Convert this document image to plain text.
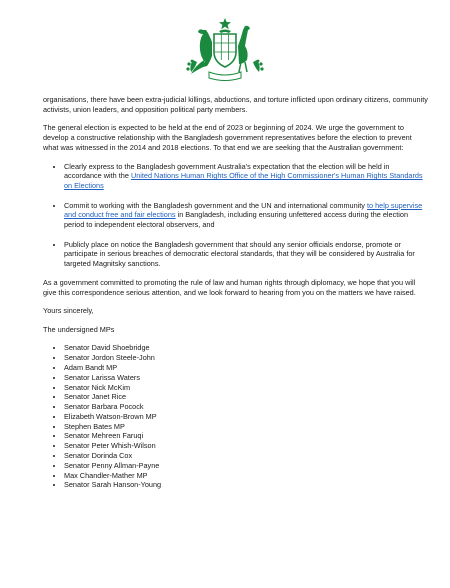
organisations, there have been extra-judicial killings, abductions, and torture inflicted upon ordinary citizens, community activists, union leaders, and opposition political party members.

The general election is expected to be held at the end of 2023 or beginning of 2024. We urge the government to develop a constructive relationship with the Bangladesh government representatives before the election to prevent what was witnessed in the 2014 and 2018 elections. To that end we are seeking that the Australian government:

• Clearly express to the Bangladesh government Australia's expectation that the election will be held in accordance with the United Nations Human Rights Office of the High Commissioner's Human Rights Standards on Elections
• Commit to working with the Bangladesh government and the UN and international community to help supervise and conduct free and fair elections in Bangladesh, including ensuring unfettered access during the election period to independent electoral observers, and
• Publicly place on notice the Bangladesh government that should any senior officials endorse, promote or participate in serious breaches of democratic electoral standards, that they will be considered by Australia for targeted Magnitsky sanctions.

As a government committed to promoting the rule of law and human rights through diplomacy, we hope that you will give this correspondence serious attention, and we look forward to hearing from you on the matters we have raised.

Yours sincerely,

The undersigned MPs

• Senator David Shoebridge
• Senator Jordon Steele-John
• Adam Bandt MP
• Senator Larissa Waters
• Senator Nick McKim
• Senator Janet Rice
• Senator Barbara Pocock
• Elizabeth Watson-Brown MP
• Stephen Bates MP
• Senator Mehreen Faruqi
• Senator Peter Whish-Wilson
• Senator Dorinda Cox
• Senator Penny Allman-Payne
• Max Chandler-Mather MP
• Senator Sarah Hanson-Young
